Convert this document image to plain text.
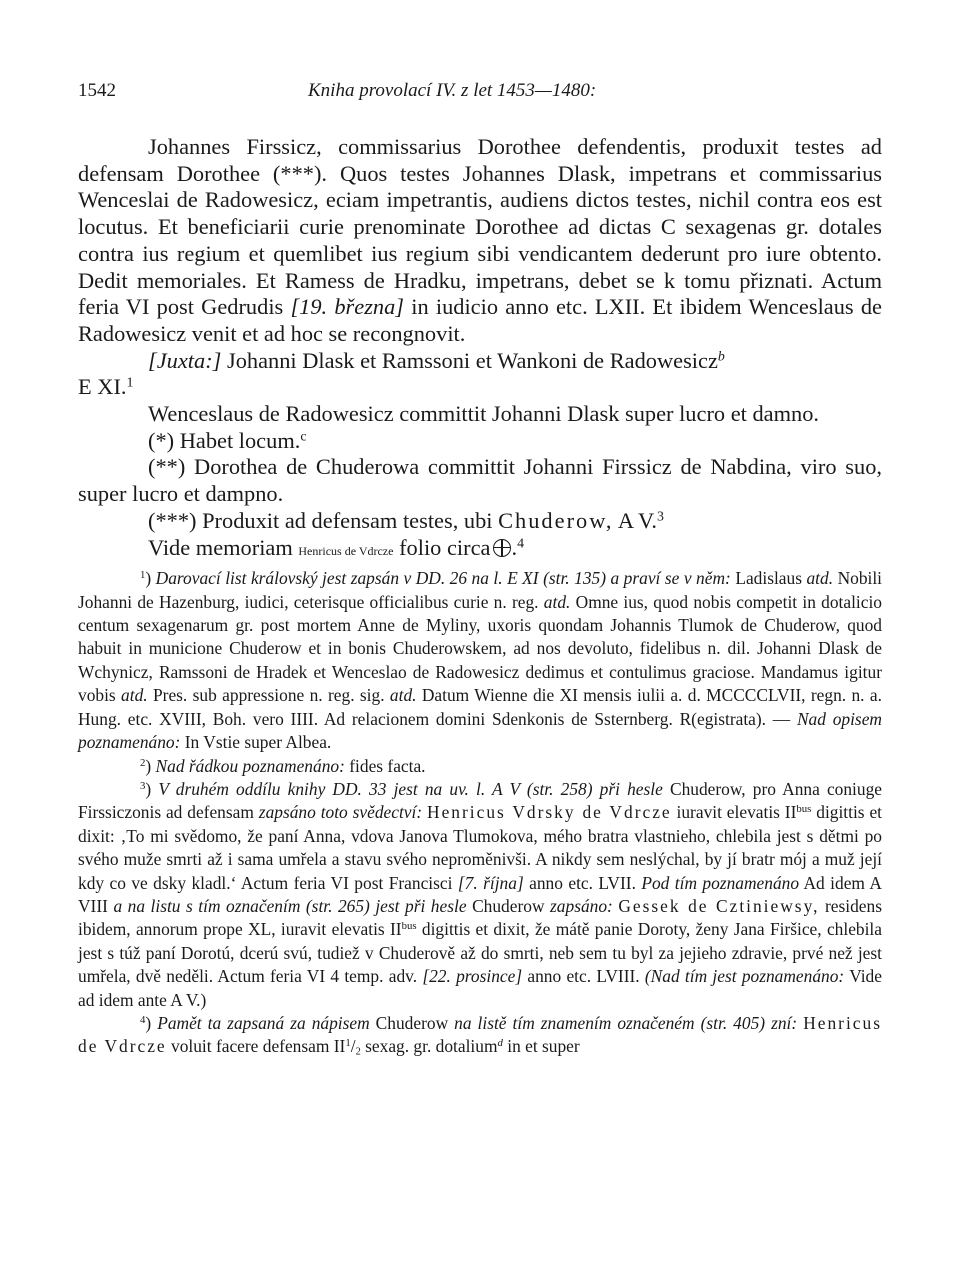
1542	Kniha provolací IV. z let 1453—1480:

Johannes Firssicz, commissarius Dorothee defendentis, produxit testes ad defensam Dorothee (***). Quos testes Johannes Dlask, impetrans et commissarius Wenceslai de Radowesicz, eciam impetrantis, audiens dictos testes, nichil contra eos est locutus. Et beneficiarii curie prenominate Dorothee ad dictas C sexagenas gr. dotales contra ius regium et quemlibet ius regium sibi vendicantem dederunt pro iure obtento. Dedit memoriales. Et Ramess de Hradku, impetrans, debet se k tomu přiznati. Actum feria VI post Gedrudis [19. března] in iudicio anno etc. LXII. Et ibidem Wenceslaus de Radowesicz venit et ad hoc se recongnovit.

[Juxta:] Johanni Dlask et Ramssoni et Wankoni de Radowesicz$^b$

E XI.$^1$

Wenceslaus de Radowesicz committit Johanni Dlask super lucro et damno.

(*) Habet locum.$^c$

(**) Dorothea de Chuderowa committit Johanni Firssicz de Nabdina, viro suo, super lucro et dampno.

(***) Produxit ad defensam testes, ubi Chuderow, A V.$^3$

Vide memoriam Henricus de Vdrcze folio circa .$^4$

$^1$) Darovací list královský jest zapsán v DD. 26 na l. E XI (str. 135) a praví se v něm: Ladislaus atd. Nobili Johanni de Hazenburg, iudici, ceterisque officialibus curie n. reg. atd. Omne ius, quod nobis competit in dotalicio centum sexagenarum gr. post mortem Anne de Myliny, uxoris quondam Johannis Tlumok de Chuderow, quod habuit in municione Chuderow et in bonis Chuderowskem, ad nos devoluto, fidelibus n. dil. Johanni Dlask de Wchynicz, Ramssoni de Hradek et Wenceslao de Radowesicz dedimus et contulimus graciose. Mandamus igitur vobis atd. Pres. sub appressione n. reg. sig. atd. Datum Wienne die XI mensis iulii a. d. MCCCCLVII, regn. n. a. Hung. etc. XVIII, Boh. vero IIII. Ad relacionem domini Sdenkonis de Ssternberg. R(egistrata). — Nad opisem poznamenáno: In Vstie super Albea.

$^2$) Nad řádkou poznamenáno: fides facta.

$^3$) V druhém oddílu knihy DD. 33 jest na uv. l. A V (str. 258) při hesle Chuderow, pro Anna coniuge Firssiczonis ad defensam zapsáno toto svědectví: Henricus Vdrsky de Vdrcze iuravit elevatis $II^{bus}$ digittis et dixit: ‚To mi svědomo, že paní Anna, vdova Janova Tlumokova, mého bratra vlastnieho, chlebila jest s dětmi po svého muže smrti až i sama umřela a stavu svého neproměnivši. A nikdy sem neslýchal, by jí bratr mój a muž její kdy co ve dsky kladl.‘ Actum feria VI post Francisci [7. října] anno etc. LVII. Pod tím poznamenáno Ad idem A VIII a na listu s tím označením (str. 265) jest při hesle Chuderow zapsáno: Gessek de Cztiniewsy, residens ibidem, annorum prope XL, iuravit elevatis $II^{bus}$ digittis et dixit, že mátě panie Doroty, ženy Jana Firšice, chlebila jest s túž paní Dorotú, dcerú svú, tudiež v Chuderově až do smrti, neb sem tu byl za jejieho zdravie, prvé než jest umřela, dvě neděli. Actum feria VI 4 temp. adv. [22. prosince] anno etc. LVIII. (Nad tím jest poznamenáno: Vide ad idem ante A V.)

$^4$) Pamět ta zapsaná za nápisem Chuderow na listě tím znamením označeném (str. 405) zní: Henricus de Vdrcze voluit facere defensam $II^1/_2$ sexag. gr. dotalium$^d$ in et super
